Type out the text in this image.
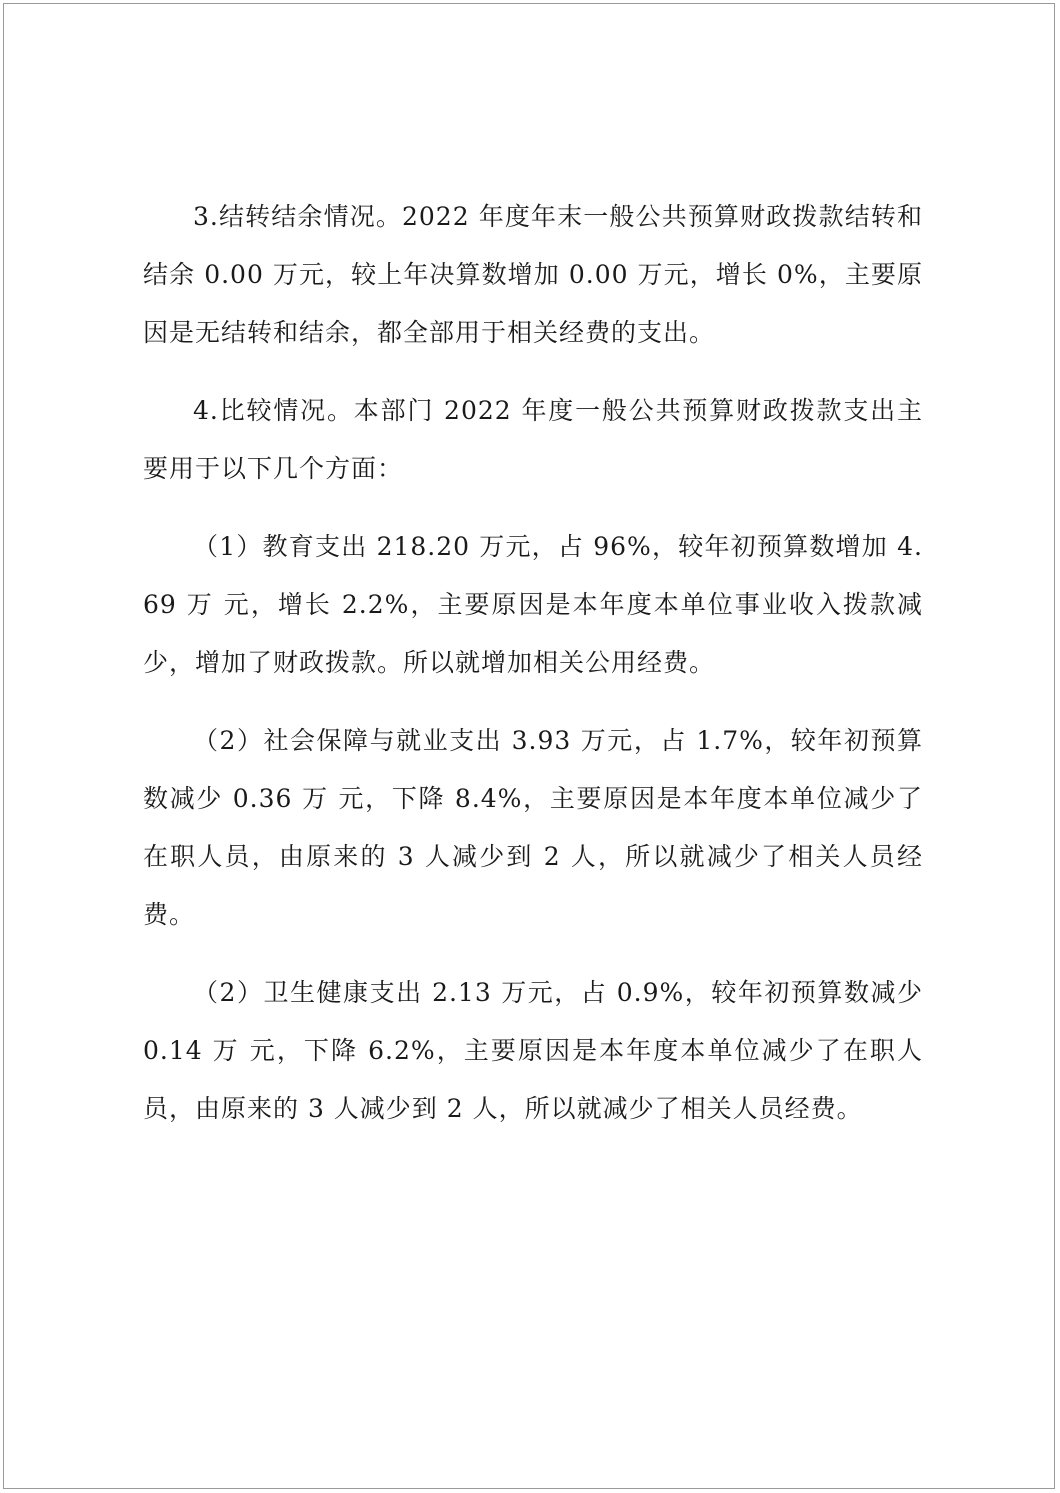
3.结转结余情况。2022 年度年末一般公共预算财政拨款结转和结余 0.00 万元，较上年决算数增加 0.00 万元，增长 0%，主要原因是无结转和结余，都全部用于相关经费的支出。

4.比较情况。本部门 2022 年度一般公共预算财政拨款支出主要用于以下几个方面：

（1）教育支出 218.20 万元，占 96%，较年初预算数增加 4.69 万 元，增长 2.2%，主要原因是本年度本单位事业收入拨款减少，增加了财政拨款。所以就增加相关公用经费。

（2）社会保障与就业支出 3.93 万元，占 1.7%，较年初预算数减少 0.36 万 元，下降 8.4%，主要原因是本年度本单位减少了在职人员，由原来的 3 人减少到 2 人，所以就减少了相关人员经费。

（2）卫生健康支出 2.13 万元，占 0.9%，较年初预算数减少 0.14 万 元，下降 6.2%，主要原因是本年度本单位减少了在职人员，由原来的 3 人减少到 2 人，所以就减少了相关人员经费。
